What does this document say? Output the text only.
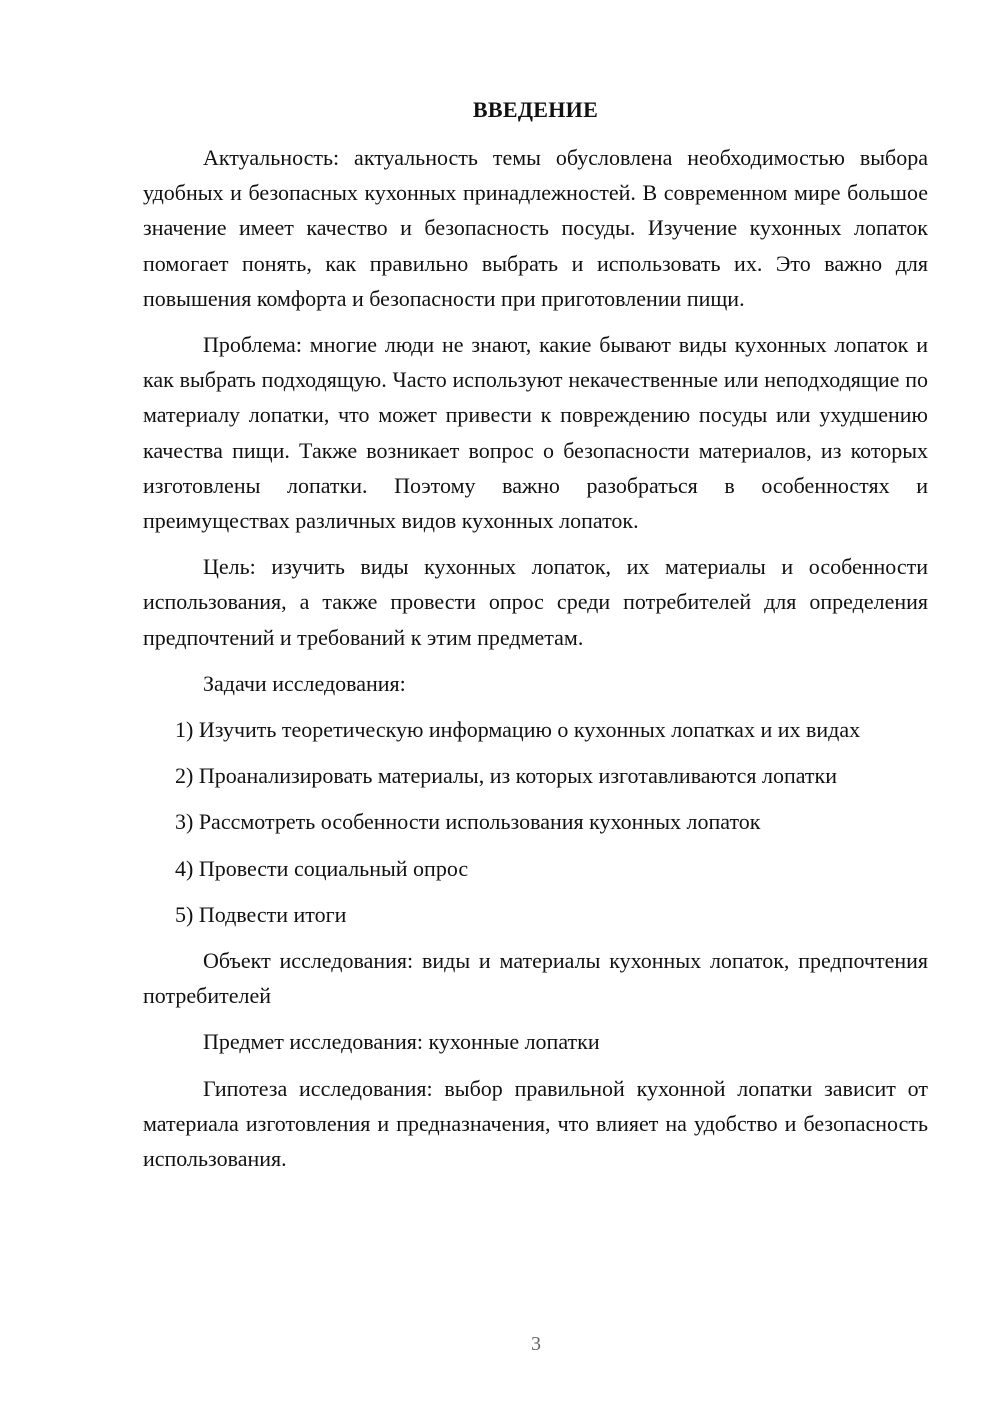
ВВЕДЕНИЕ

Актуальность: актуальность темы обусловлена необходимостью выбора удобных и безопасных кухонных принадлежностей. В современном мире большое значение имеет качество и безопасность посуды. Изучение кухонных лопаток помогает понять, как правильно выбрать и использовать их. Это важно для повышения комфорта и безопасности при приготовлении пищи.

Проблема: многие люди не знают, какие бывают виды кухонных лопаток и как выбрать подходящую. Часто используют некачественные или неподходящие по материалу лопатки, что может привести к повреждению посуды или ухудшению качества пищи. Также возникает вопрос о безопасности материалов, из которых изготовлены лопатки. Поэтому важно разобраться в особенностях и преимуществах различных видов кухонных лопаток.

Цель: изучить виды кухонных лопаток, их материалы и особенности использования, а также провести опрос среди потребителей для определения предпочтений и требований к этим предметам.

Задачи исследования:

1) Изучить теоретическую информацию о кухонных лопатках и их видах

2) Проанализировать материалы, из которых изготавливаются лопатки

3) Рассмотреть особенности использования кухонных лопаток

4) Провести социальный опрос

5) Подвести итоги

Объект исследования: виды и материалы кухонных лопаток, предпочтения потребителей

Предмет исследования: кухонные лопатки

Гипотеза исследования: выбор правильной кухонной лопатки зависит от материала изготовления и предназначения, что влияет на удобство и безопасность использования.

3
